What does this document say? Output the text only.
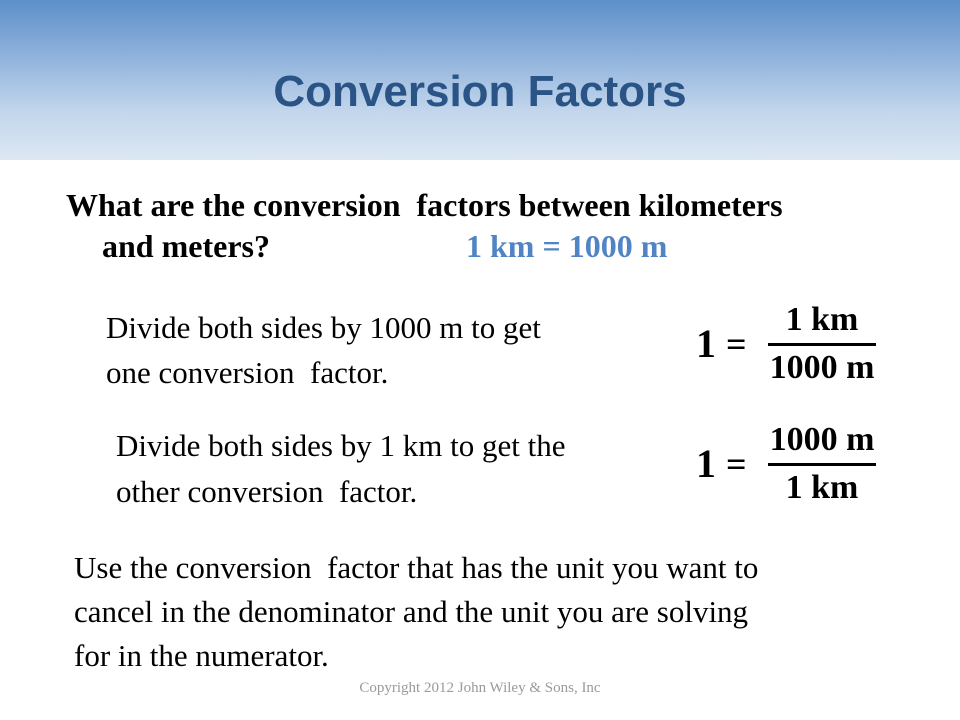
Conversion Factors
What are the conversion  factors between kilometers
and meters?	1 km = 1000 m
Divide both sides by 1000 m to get
one conversion  factor.
1 =
1 km
1000 m
Divide both sides by 1 km to get the
other conversion  factor.
1 =
1000 m
1 km
Use the conversion  factor that has the unit you want to
cancel in the denominator and the unit you are solving
for in the numerator.
Copyright 2012 John Wiley & Sons, Inc
